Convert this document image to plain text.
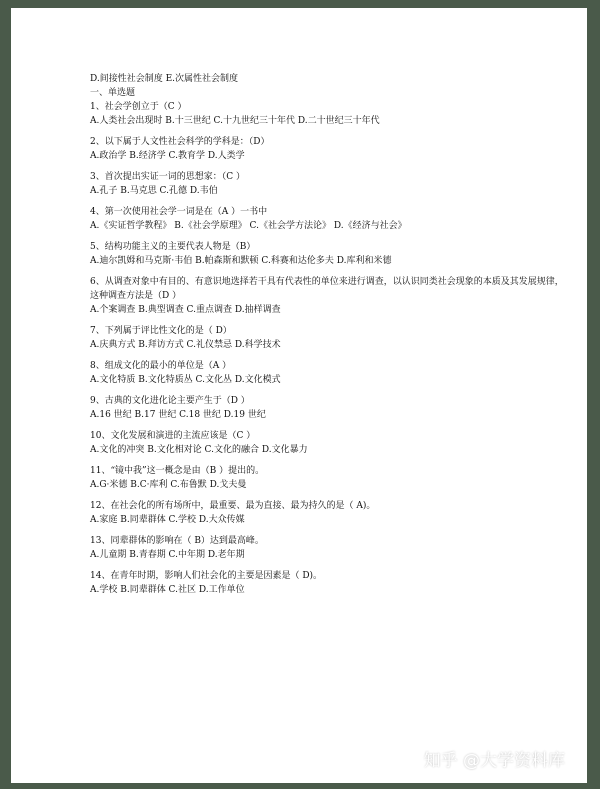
D.间接性社会制度 E.次属性社会制度
一、单选题
1、社会学创立于（C ）
A.人类社会出现时 B.十三世纪 C.十九世纪三十年代 D.二十世纪三十年代
2、以下属于人文性社会科学的学科是：（D）
A.政治学 B.经济学 C.教育学 D.人类学
3、首次提出实证一词的思想家：（C ）
A.孔子 B.马克思 C.孔德 D.韦伯
4、第一次使用社会学一词是在（A ）一书中
A.《实证哲学教程》 B.《社会学原理》 C.《社会学方法论》 D.《经济与社会》
5、结构功能主义的主要代表人物是（B）
A.迪尔凯姆和马克斯·韦伯 B.帕森斯和默顿 C.科赛和达伦多夫 D.库利和米德
6、从调查对象中有目的、有意识地选择若干具有代表性的单位来进行调查，以认识同类社会现象的本质及其发展规律，这种调查方法是（D ）
A.个案调查 B.典型调查 C.重点调查 D.抽样调查
7、下列属于评比性文化的是（ D）
A.庆典方式 B.拜访方式 C.礼仪禁忌 D.科学技术
8、组成文化的最小的单位是（A ）
A.文化特质 B.文化特质丛 C.文化丛 D.文化模式
9、古典的文化进化论主要产生于（D ）
A.16 世纪 B.17 世纪 C.18 世纪 D.19 世纪
10、文化发展和演进的主流应该是（C ）
A.文化的冲突 B.文化相对论 C.文化的融合 D.文化暴力
11、“镜中我”这一概念是由（B ）提出的。
A.G·米德 B.C·库利 C.布鲁默 D.戈夫曼
12、在社会化的所有场所中，最重要、最为直接、最为持久的是（ A)。
A.家庭 B.同辈群体 C.学校 D.大众传媒
13、同辈群体的影响在（ B）达到最高峰。
A.儿童期 B.青春期 C.中年期 D.老年期
14、在青年时期，影响人们社会化的主要是因素是（ D)。
A.学校 B.同辈群体 C.社区 D.工作单位
知乎 @大学资料库
